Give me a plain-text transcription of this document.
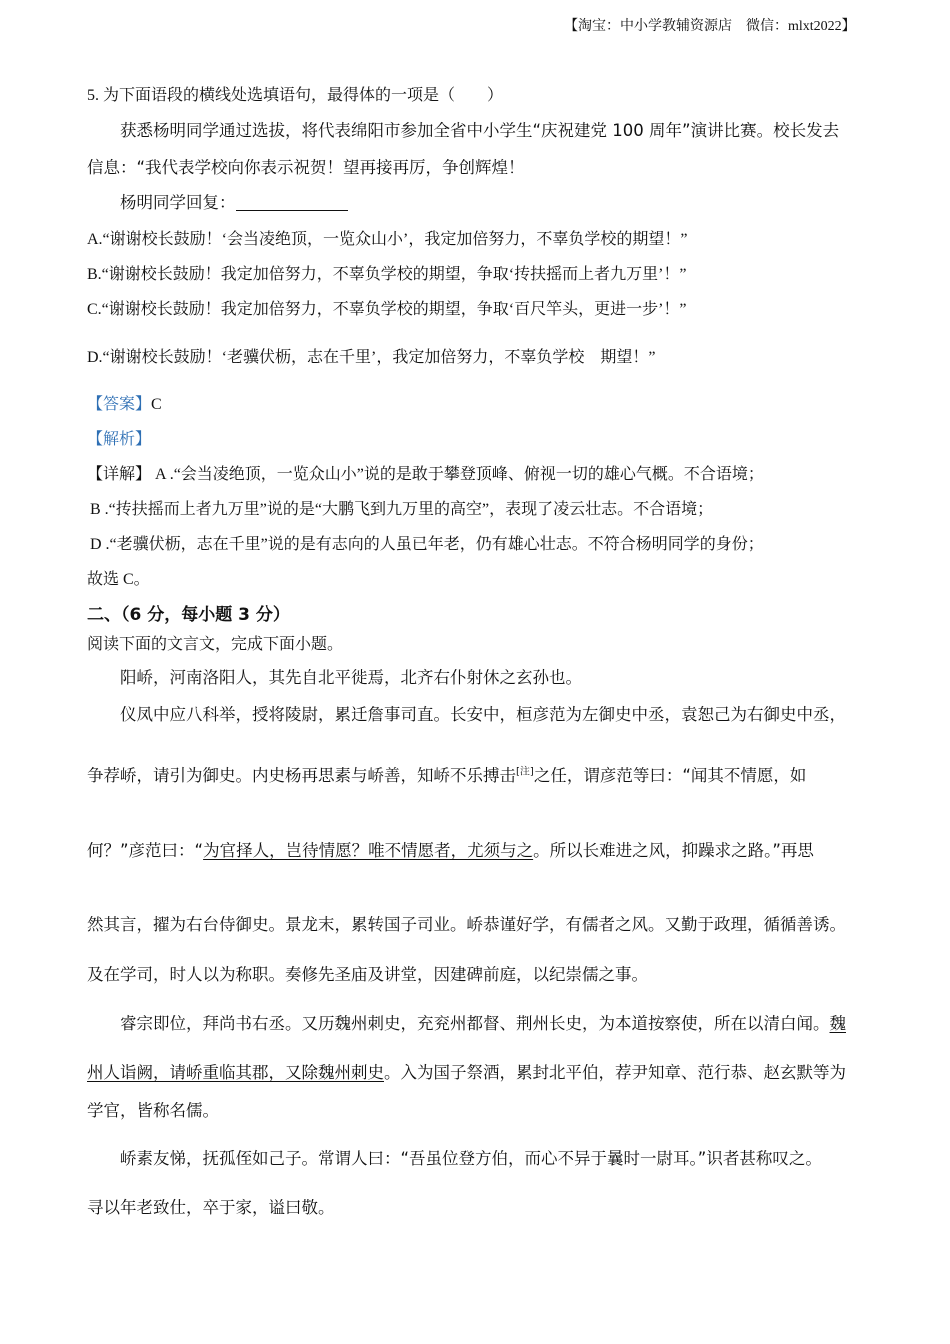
【淘宝：中小学教辅资源店　微信：mlxt2022】
5. 为下面语段的横线处选填语句，最得体的一项是（　　）
获悉杨明同学通过选拔，将代表绵阳市参加全省中小学生“庆祝建党 100 周年”演讲比赛。校长发去
信息：“我代表学校向你表示祝贺！望再接再厉，争创辉煌！
杨明同学回复：
A.“谢谢校长鼓励！‘会当凌绝顶，一览众山小’，我定加倍努力，不辜负学校的期望！”
B.“谢谢校长鼓励！我定加倍努力，不辜负学校的期望，争取‘抟扶摇而上者九万里’！”
C.“谢谢校长鼓励！我定加倍努力，不辜负学校的期望，争取‘百尺竿头，更进一步’！”
D.“谢谢校长鼓励！‘老骥伏枥，志在千里’，我定加倍努力，不辜负学校　期望！”
【答案】C
【解析】
【详解】 A .“会当凌绝顶，一览众山小”说的是敢于攀登顶峰、俯视一切的雄心气概。不合语境；
B .“抟扶摇而上者九万里”说的是“大鹏飞到九万里的高空”，表现了凌云壮志。不合语境；
D .“老骥伏枥，志在千里”说的是有志向的人虽已年老，仍有雄心壮志。不符合杨明同学的身份；
故选 C。
二、（6 分，每小题 3 分）
阅读下面的文言文，完成下面小题。
阳峤，河南洛阳人，其先自北平徙焉，北齐右仆射休之玄孙也。
仪凤中应八科举，授将陵尉，累迁詹事司直。长安中，桓彦范为左御史中丞，袁恕己为右御史中丞，
争荐峤，请引为御史。内史杨再思素与峤善，知峤不乐搏击[注]之任，谓彦范等曰：“闻其不情愿，如
何？”彦范曰：“为官择人，岂待情愿？唯不情愿者，尤须与之。所以长难进之风，抑躁求之路。”再思
然其言，擢为右台侍御史。景龙末，累转国子司业。峤恭谨好学，有儒者之风。又勤于政理，循循善诱。
及在学司，时人以为称职。奏修先圣庙及讲堂，因建碑前庭，以纪崇儒之事。
睿宗即位，拜尚书右丞。又历魏州刺史，充兖州都督、荆州长史，为本道按察使，所在以清白闻。魏
州人诣阙，请峤重临其郡，又除魏州刺史。入为国子祭酒，累封北平伯，荐尹知章、范行恭、赵玄默等为
学官，皆称名儒。
峤素友悌，抚孤侄如己子。常谓人曰：“吾虽位登方伯，而心不异于曩时一尉耳。”识者甚称叹之。
寻以年老致仕，卒于家，谥曰敬。
